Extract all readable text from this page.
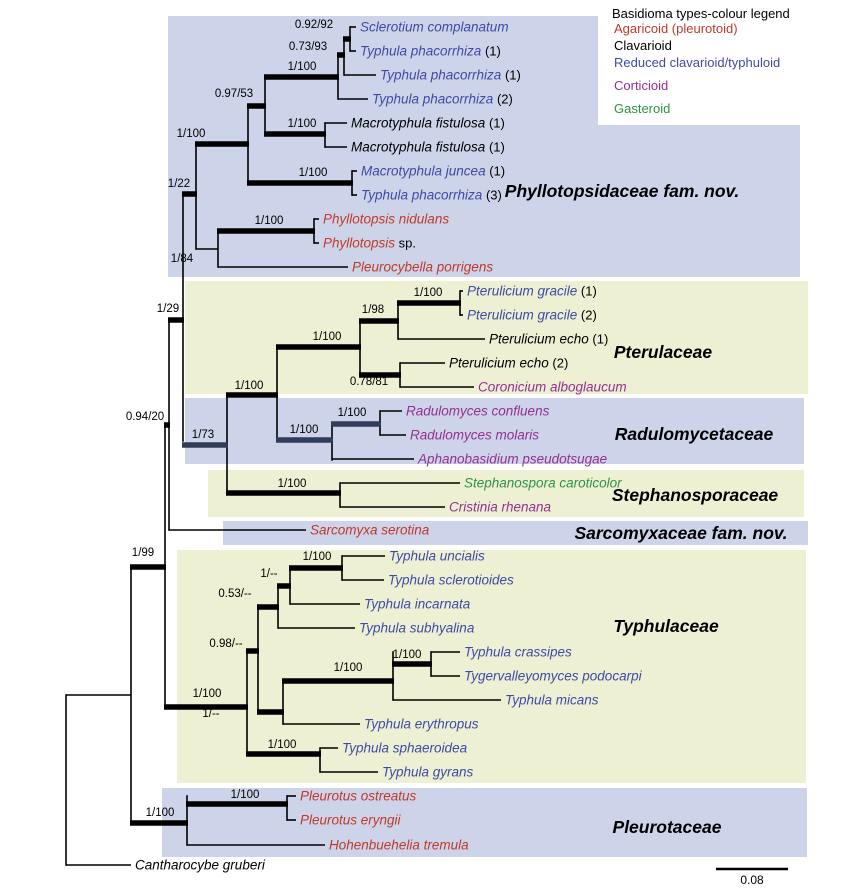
Sclerotium complanatum
Typhula phacorrhiza (1)
Typhula phacorrhiza (1)
Typhula phacorrhiza (2)
Macrotyphula fistulosa (1)
Macrotyphula fistulosa (1)
Macrotyphula juncea (1)
Typhula phacorrhiza (3)
Phyllotopsis nidulans
Phyllotopsis sp.
Pleurocybella porrigens
Pterulicium gracile (1)
Pterulicium gracile (2)
Pterulicium echo (1)
Pterulicium echo (2)
Coronicium alboglaucum
Radulomyces confluens
Radulomyces molaris
Aphanobasidium pseudotsugae
Stephanospora caroticolor
Cristinia rhenana
Sarcomyxa serotina
Typhula uncialis
Typhula sclerotioides
Typhula incarnata
Typhula subhyalina
Typhula crassipes
Tygervalleyomyces podocarpi
Typhula micans
Typhula erythropus
Typhula sphaeroidea
Typhula gyrans
Pleurotus ostreatus
Pleurotus eryngii
Hohenbuehelia tremula
Cantharocybe gruberi
0.92/92
0.73/93
1/100
0.97/53
1/100
1/100
1/100
1/22
1/100
1/84
1/29	1/98
1/100
1/100
0.78/81
1/100
0.94/20
1/73
1/100
1/100
1/100
1/99	1/100
1/--
0.53/--
0.98/--
1/100
1/100
1/100
1/--
1/100
1/100
1/100
Phyllotopsidaceae fam. nov.
Pterulaceae
Radulomycetaceae
Stephanosporaceae
Sarcomyxaceae fam. nov.
Typhulaceae
Pleurotaceae
Basidioma types-colour legend
Agaricoid (pleurotoid)
Clavarioid
Reduced clavarioid/typhuloid
Corticioid
Gasteroid
0.08
